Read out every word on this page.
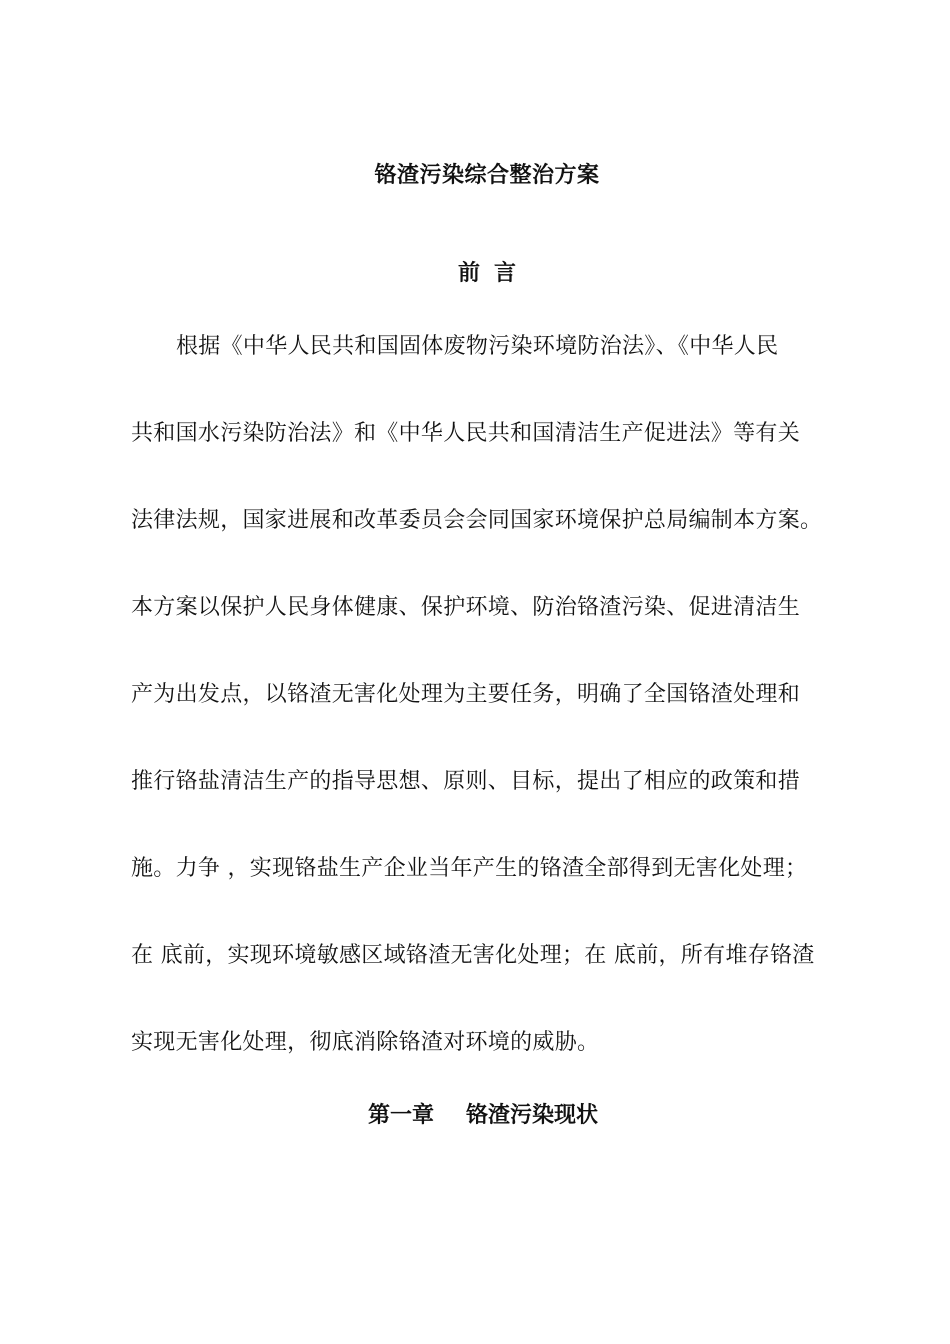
铬渣污染综合整治方案
前 言
根据《中华人民共和国固体废物污染环境防治法》、《中华人民
共和国水污染防治法》和《中华人民共和国清洁生产促进法》等有关
法律法规，国家进展和改革委员会会同国家环境保护总局编制本方案。
本方案以保护人民身体健康、保护环境、防治铬渣污染、促进清洁生
产为出发点，以铬渣无害化处理为主要任务，明确了全国铬渣处理和
推行铬盐清洁生产的指导思想、原则、目标，提出了相应的政策和措
施。力争 ，实现铬盐生产企业当年产生的铬渣全部得到无害化处理；
在 底前，实现环境敏感区域铬渣无害化处理；在 底前，所有堆存铬渣
实现无害化处理，彻底消除铬渣对环境的威胁。
第一章 铬渣污染现状
